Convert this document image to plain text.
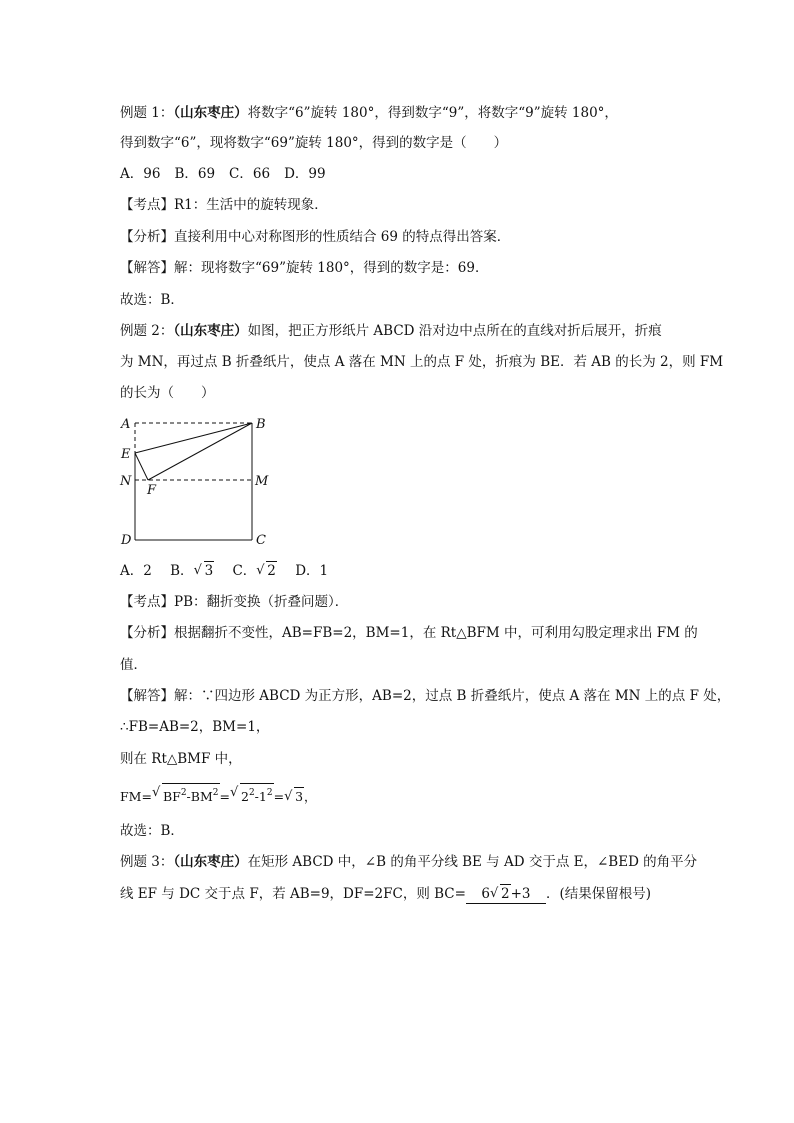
例题 1：（山东枣庄）将数字“6”旋转 180°，得到数字“9”，将数字“9”旋转 180°，
得到数字“6”，现将数字“69”旋转 180°，得到的数字是（　　）
A．96 B．69 C．66 D．99
【考点】R1：生活中的旋转现象．
【分析】直接利用中心对称图形的性质结合 69 的特点得出答案．
【解答】解：现将数字“69”旋转 180°，得到的数字是：69．
故选：B．
例题 2：（山东枣庄）如图，把正方形纸片 ABCD 沿对边中点所在的直线对折后展开，折痕
为 MN，再过点 B 折叠纸片，使点 A 落在 MN 上的点 F 处，折痕为 BE．若 AB 的长为 2，则 FM
的长为（　　）
A	B
E
N	M
F
D	C
A．2 B． √ 3 C． √ 2 D．1
【考点】PB：翻折变换（折叠问题）．
【分析】根据翻折不变性，AB=FB=2，BM=1，在 Rt△BFM 中，可利用勾股定理求出 FM 的
值．
【解答】解：∵四边形 ABCD 为正方形，AB=2，过点 B 折叠纸片，使点 A 落在 MN 上的点 F 处，
∴FB=AB=2，BM=1，
则在 Rt△BMF 中，
FM= √ $BF^2-BM^2=$ √ $2^2-1^2=$ √ 3，
故选：B．
例题 3：（山东枣庄）在矩形 ABCD 中，∠B 的角平分线 BE 与 AD 交于点 E，∠BED 的角平分
线 EF 与 DC 交于点 F，若 AB=9，DF=2FC，则 BC= 6 √ 2+3 ．(结果保留根号)
